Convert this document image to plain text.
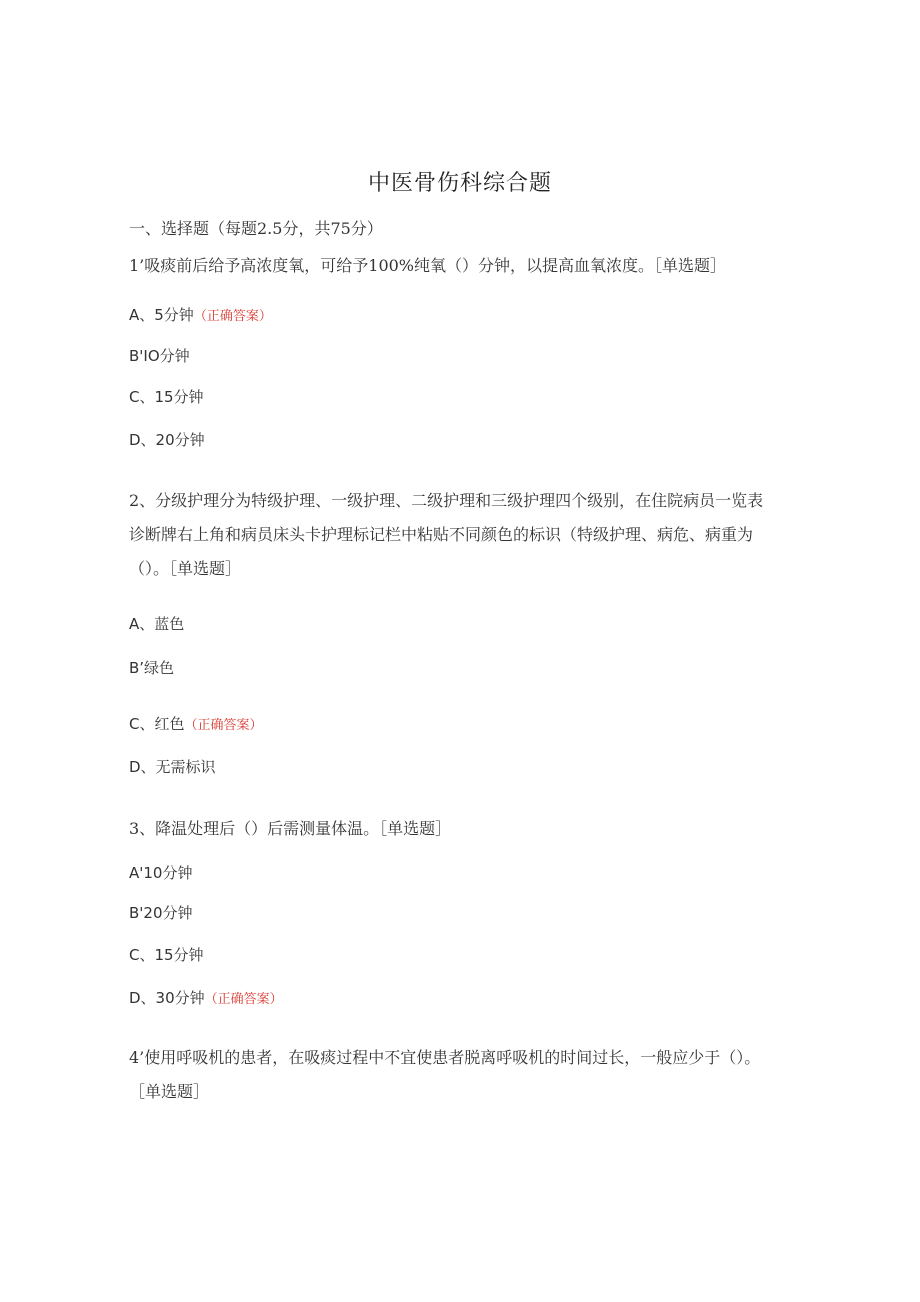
中医骨伤科综合题
一、选择题（每题2.5分，共75分）
1’吸痰前后给予高浓度氧，可给予100%纯氧（）分钟，以提高血氧浓度。［单选题］
A、5分钟（正确答案）
B'IO分钟
C、15分钟
D、20分钟
2、分级护理分为特级护理、一级护理、二级护理和三级护理四个级别，在住院病员一览表诊断牌右上角和病员床头卡护理标记栏中粘贴不同颜色的标识（特级护理、病危、病重为（）。［单选题］
A、蓝色
B’绿色
C、红色（正确答案）
D、无需标识
3、降温处理后（）后需测量体温。［单选题］
A'10分钟
B'20分钟
C、15分钟
D、30分钟（正确答案）
4’使用呼吸机的患者，在吸痰过程中不宜使患者脱离呼吸机的时间过长，一般应少于（）。［单选题］
